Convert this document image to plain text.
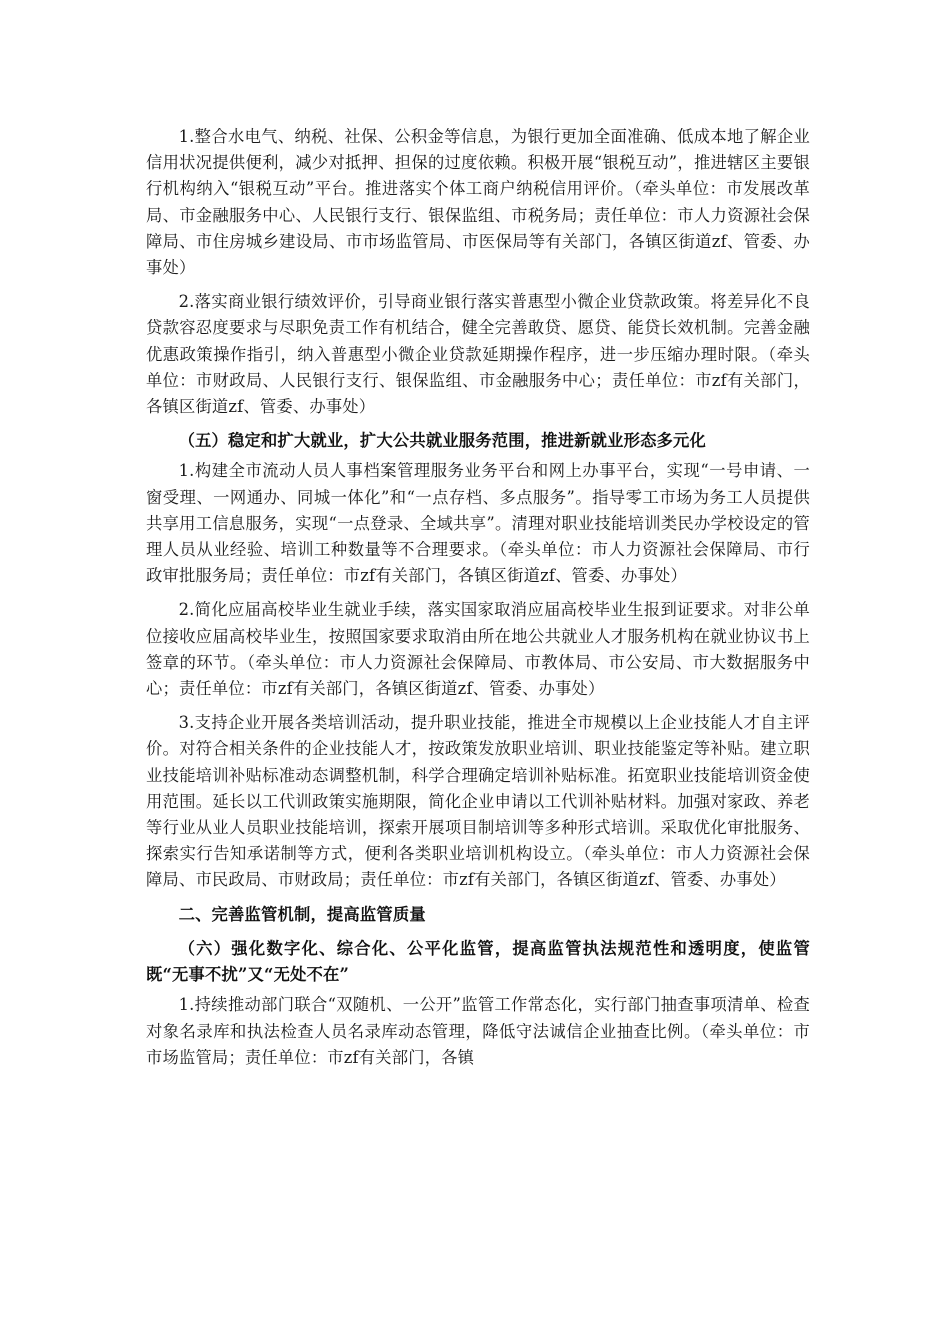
1.整合水电气、纳税、社保、公积金等信息，为银行更加全面准确、低成本地了解企业信用状况提供便利，减少对抵押、担保的过度依赖。积极开展“银税互动”，推进辖区主要银行机构纳入“银税互动”平台。推进落实个体工商户纳税信用评价。（牵头单位：市发展改革局、市金融服务中心、人民银行支行、银保监组、市税务局；责任单位：市人力资源社会保障局、市住房城乡建设局、市市场监管局、市医保局等有关部门，各镇区街道zf、管委、办事处）

2.落实商业银行绩效评价，引导商业银行落实普惠型小微企业贷款政策。将差异化不良贷款容忍度要求与尽职免责工作有机结合，健全完善敢贷、愿贷、能贷长效机制。完善金融优惠政策操作指引，纳入普惠型小微企业贷款延期操作程序，进一步压缩办理时限。（牵头单位：市财政局、人民银行支行、银保监组、市金融服务中心；责任单位：市zf有关部门，各镇区街道zf、管委、办事处）

（五）稳定和扩大就业，扩大公共就业服务范围，推进新就业形态多元化

1.构建全市流动人员人事档案管理服务业务平台和网上办事平台，实现“一号申请、一窗受理、一网通办、同城一体化”和“一点存档、多点服务”。指导零工市场为务工人员提供共享用工信息服务，实现“一点登录、全域共享”。清理对职业技能培训类民办学校设定的管理人员从业经验、培训工种数量等不合理要求。（牵头单位：市人力资源社会保障局、市行政审批服务局；责任单位：市zf有关部门，各镇区街道zf、管委、办事处）

2.简化应届高校毕业生就业手续，落实国家取消应届高校毕业生报到证要求。对非公单位接收应届高校毕业生，按照国家要求取消由所在地公共就业人才服务机构在就业协议书上签章的环节。（牵头单位：市人力资源社会保障局、市教体局、市公安局、市大数据服务中心；责任单位：市zf有关部门，各镇区街道zf、管委、办事处）

3.支持企业开展各类培训活动，提升职业技能，推进全市规模以上企业技能人才自主评价。对符合相关条件的企业技能人才，按政策发放职业培训、职业技能鉴定等补贴。建立职业技能培训补贴标准动态调整机制，科学合理确定培训补贴标准。拓宽职业技能培训资金使用范围。延长以工代训政策实施期限，简化企业申请以工代训补贴材料。加强对家政、养老等行业从业人员职业技能培训，探索开展项目制培训等多种形式培训。采取优化审批服务、探索实行告知承诺制等方式，便利各类职业培训机构设立。（牵头单位：市人力资源社会保障局、市民政局、市财政局；责任单位：市zf有关部门，各镇区街道zf、管委、办事处）

二、完善监管机制，提高监管质量

（六）强化数字化、综合化、公平化监管，提高监管执法规范性和透明度，使监管既“无事不扰”又“无处不在”

1.持续推动部门联合“双随机、一公开”监管工作常态化，实行部门抽查事项清单、检查对象名录库和执法检查人员名录库动态管理，降低守法诚信企业抽查比例。（牵头单位：市市场监管局；责任单位：市zf有关部门，各镇
